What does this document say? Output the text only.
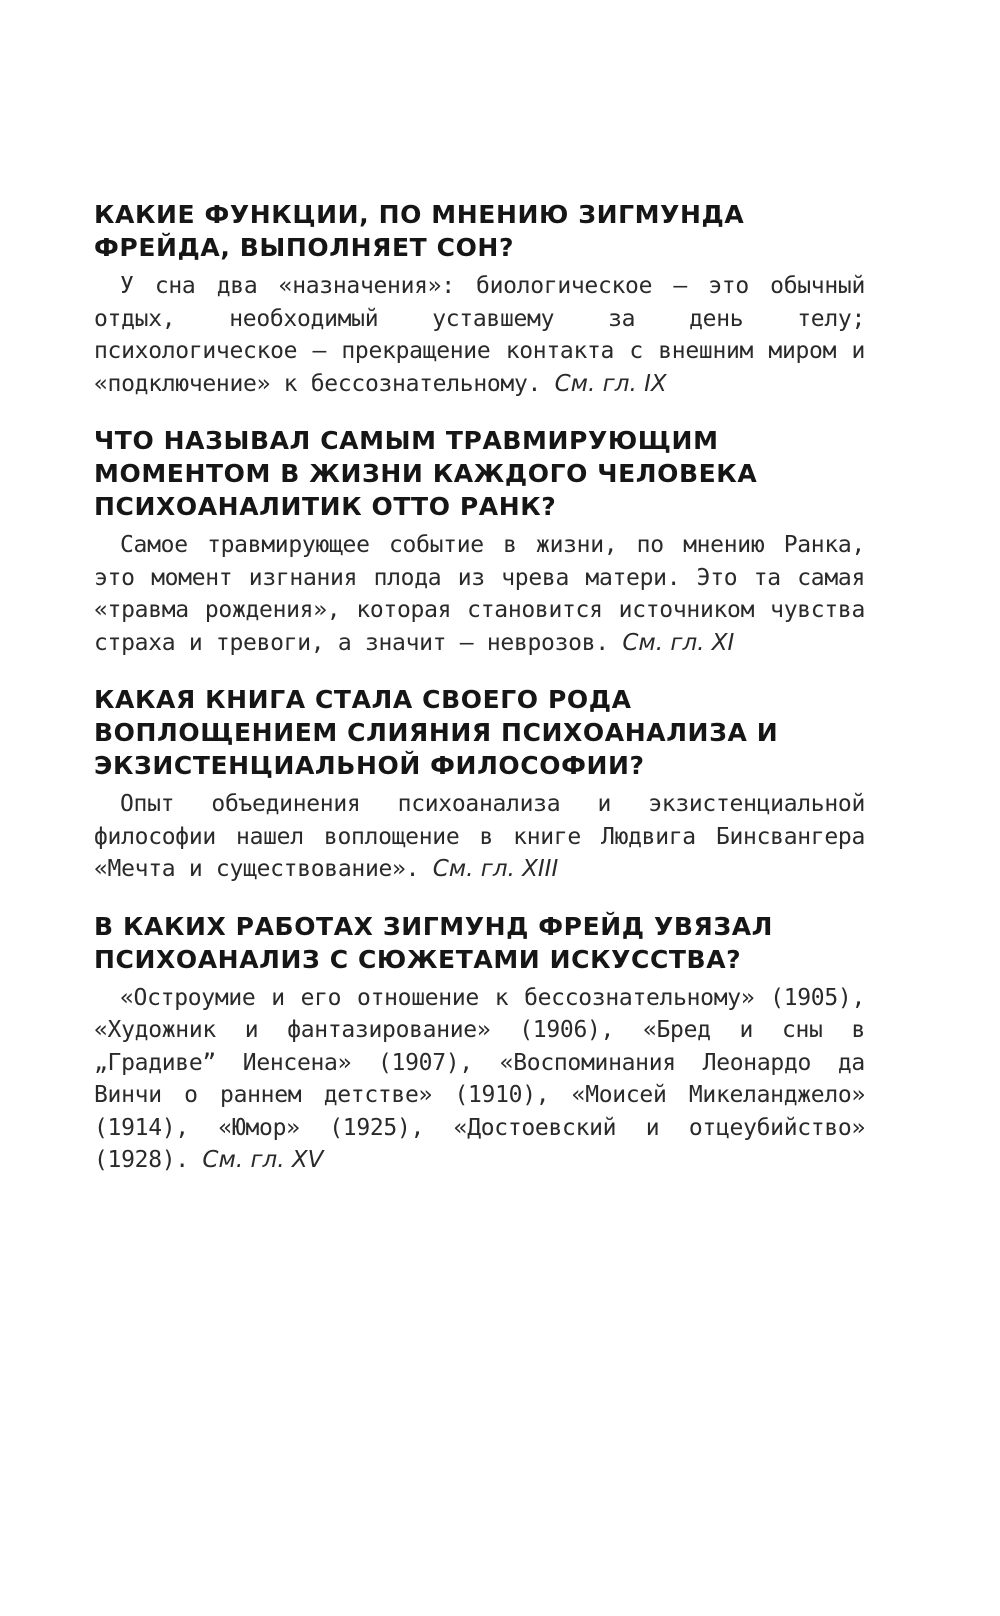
КАКИЕ ФУНКЦИИ, ПО МНЕНИЮ ЗИГМУНДА ФРЕЙДА, ВЫПОЛНЯЕТ СОН?

У сна два «назначения»: биологическое — это обычный отдых, необходимый уставшему за день телу; психологическое — прекращение контакта с внешним миром и «подключение» к бессознательному. См. гл. IX

ЧТО НАЗЫВАЛ САМЫМ ТРАВМИРУЮЩИМ МОМЕНТОМ В ЖИЗНИ КАЖДОГО ЧЕЛОВЕКА ПСИХОАНАЛИТИК ОТТО РАНК?

Самое травмирующее событие в жизни, по мнению Ранка, это момент изгнания плода из чрева матери. Это та самая «травма рождения», которая становится источником чувства страха и тревоги, а значит — неврозов. См. гл. XI

КАКАЯ КНИГА СТАЛА СВОЕГО РОДА ВОПЛОЩЕНИЕМ СЛИЯНИЯ ПСИХОАНАЛИЗА И ЭКЗИСТЕНЦИАЛЬНОЙ ФИЛОСОФИИ?

Опыт объединения психоанализа и экзистенциальной философии нашел воплощение в книге Людвига Бинсвангера «Мечта и существование». См. гл. XIII

В КАКИХ РАБОТАХ ЗИГМУНД ФРЕЙД УВЯЗАЛ ПСИХОАНАЛИЗ С СЮЖЕТАМИ ИСКУССТВА?

«Остроумие и его отношение к бессознательному» (1905), «Художник и фантазирование» (1906), «Бред и сны в „Градиве” Иенсена» (1907), «Воспоминания Леонардо да Винчи о раннем детстве» (1910), «Моисей Микеланджело» (1914), «Юмор» (1925), «Достоевский и отцеубийство» (1928). См. гл. XV
